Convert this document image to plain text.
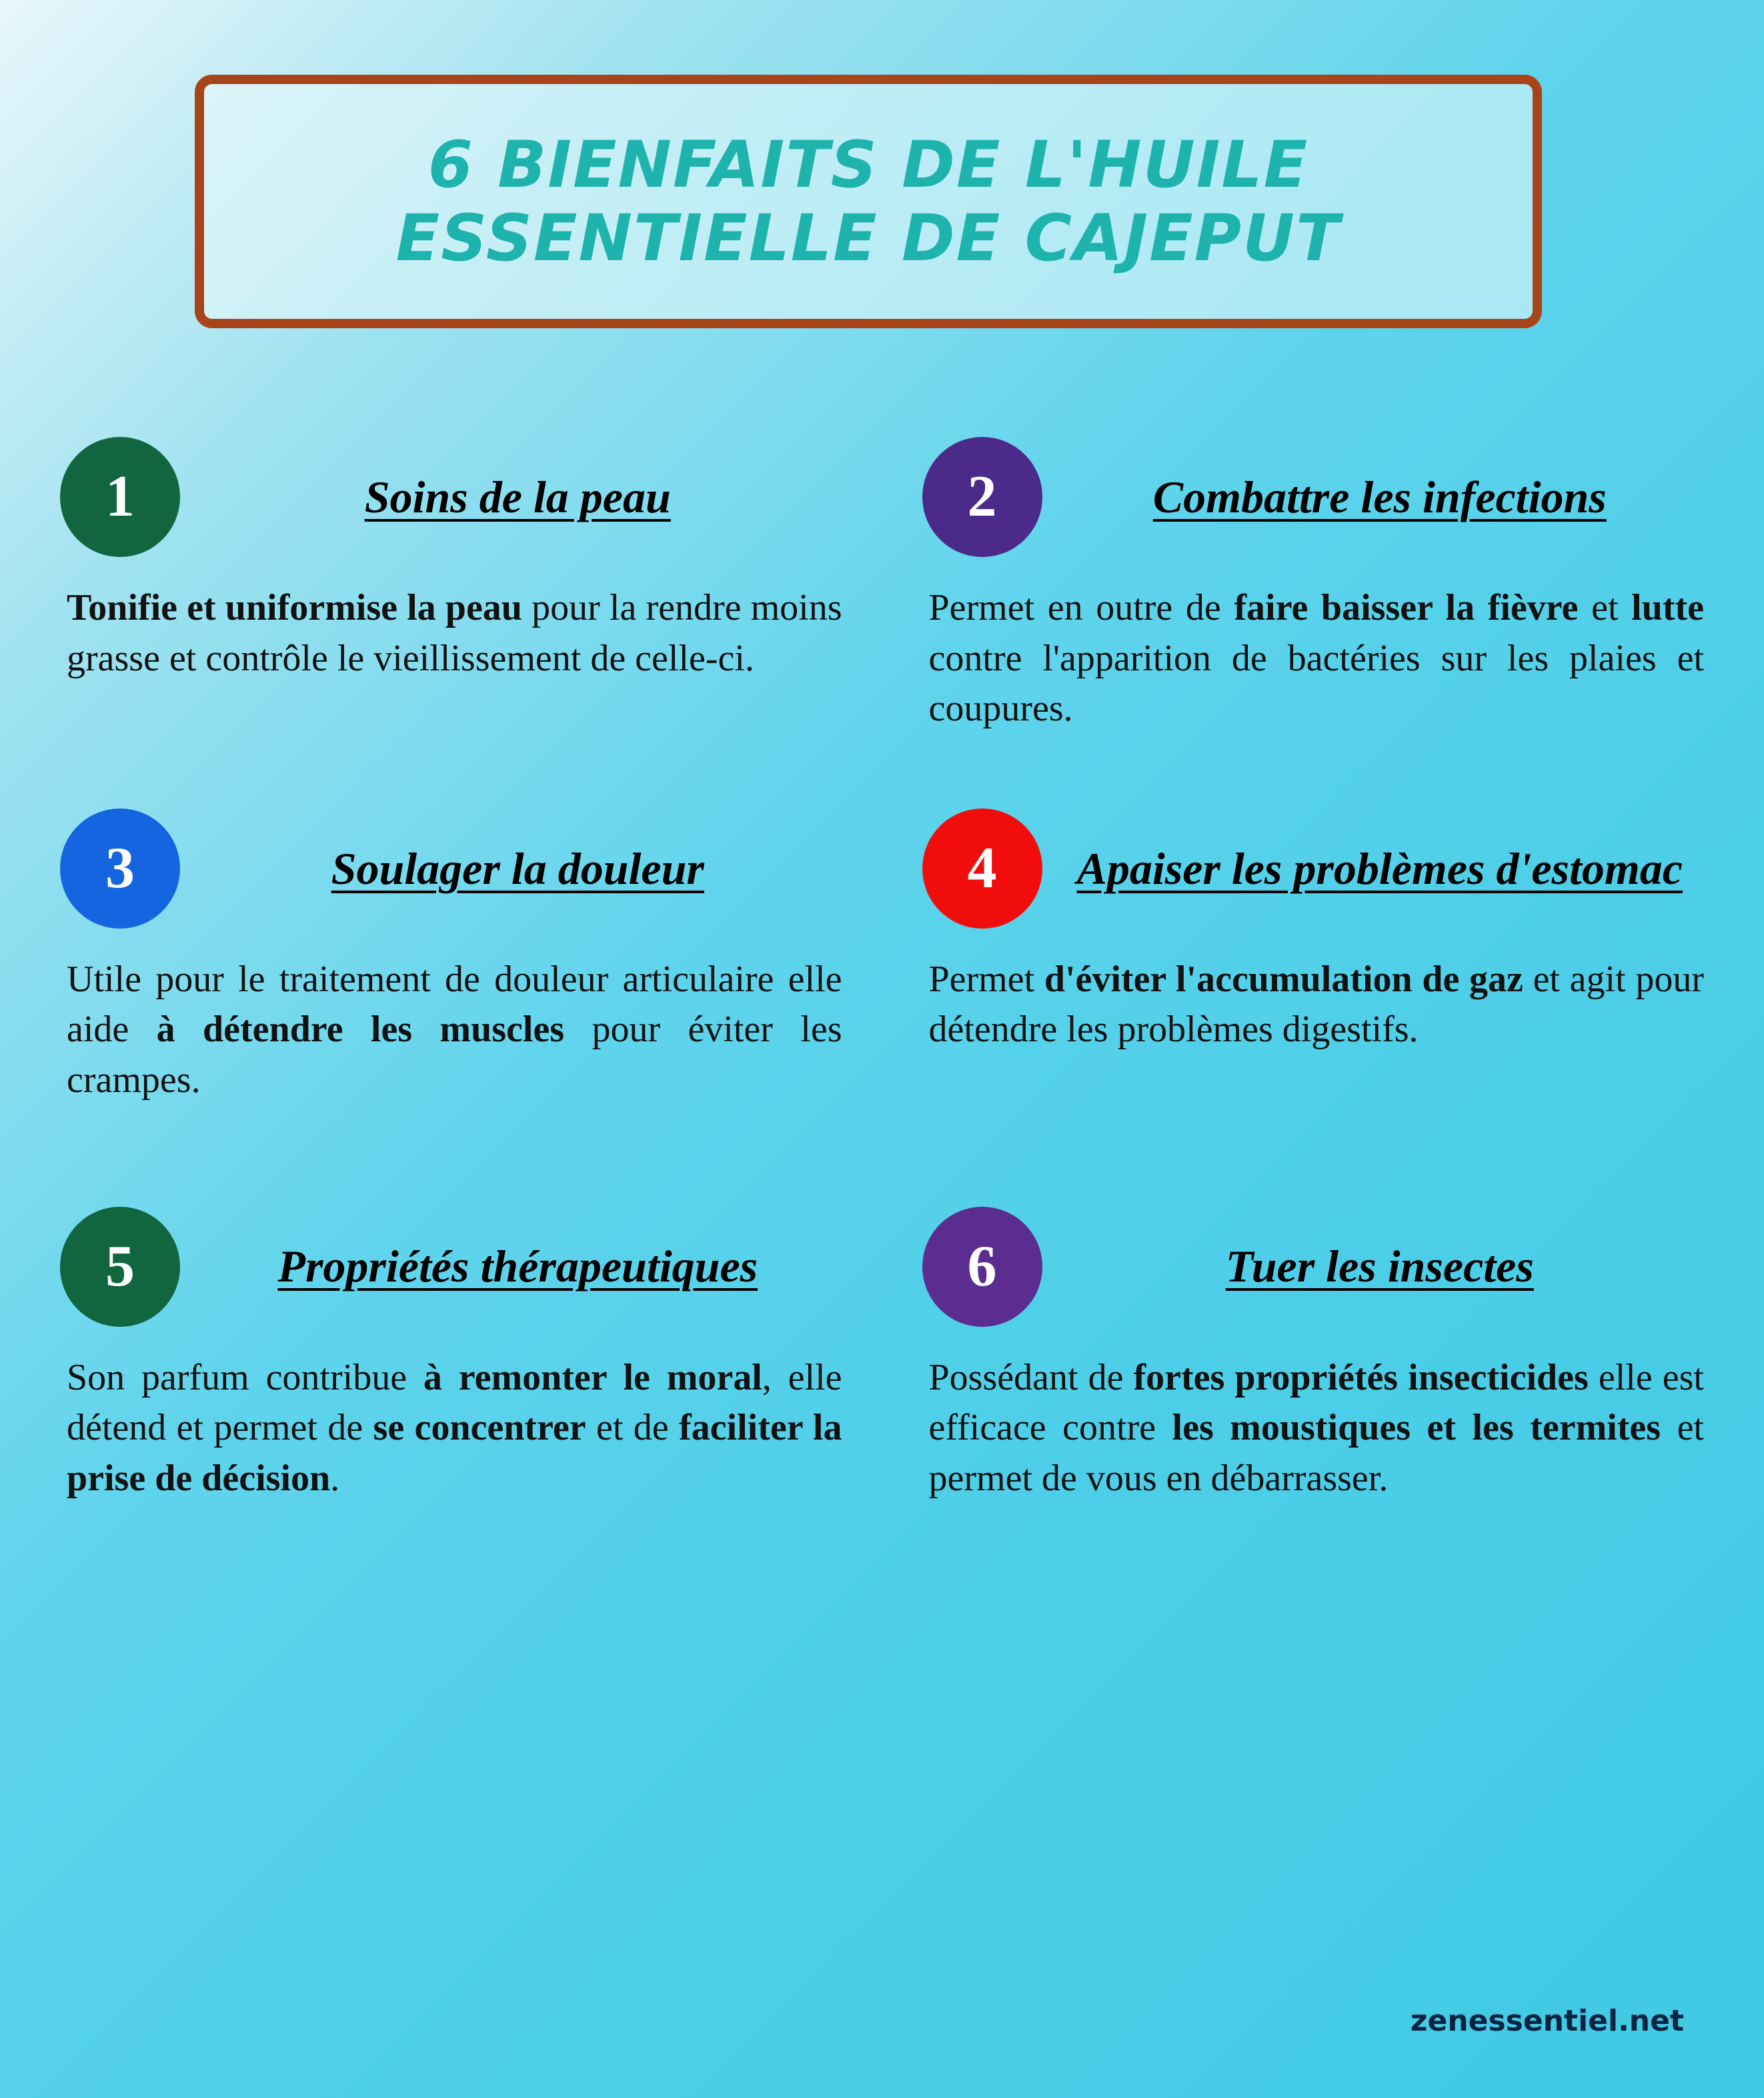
6 BIENFAITS DE L'HUILE ESSENTIELLE DE CAJEPUT
1	Soins de la peau
Tonifie et uniformise la peau pour la rendre moins grasse et contrôle le vieillissement de celle-ci.
2	Combattre les infections
Permet en outre de faire baisser la fièvre et lutte contre l'apparition de bactéries sur les plaies et coupures.
3	Soulager la douleur
Utile pour le traitement de douleur articulaire elle aide à détendre les muscles pour éviter les crampes.
4	Apaiser les problèmes d'estomac
Permet d'éviter l'accumulation de gaz et agit pour détendre les problèmes digestifs.
5	Propriétés thérapeutiques
Son parfum contribue à remonter le moral, elle détend et permet de se concentrer et de faciliter la prise de décision.
6	Tuer les insectes
Possédant de fortes propriétés insecticides elle est efficace contre les moustiques et les termites et permet de vous en débarrasser.
zenessentiel.net
